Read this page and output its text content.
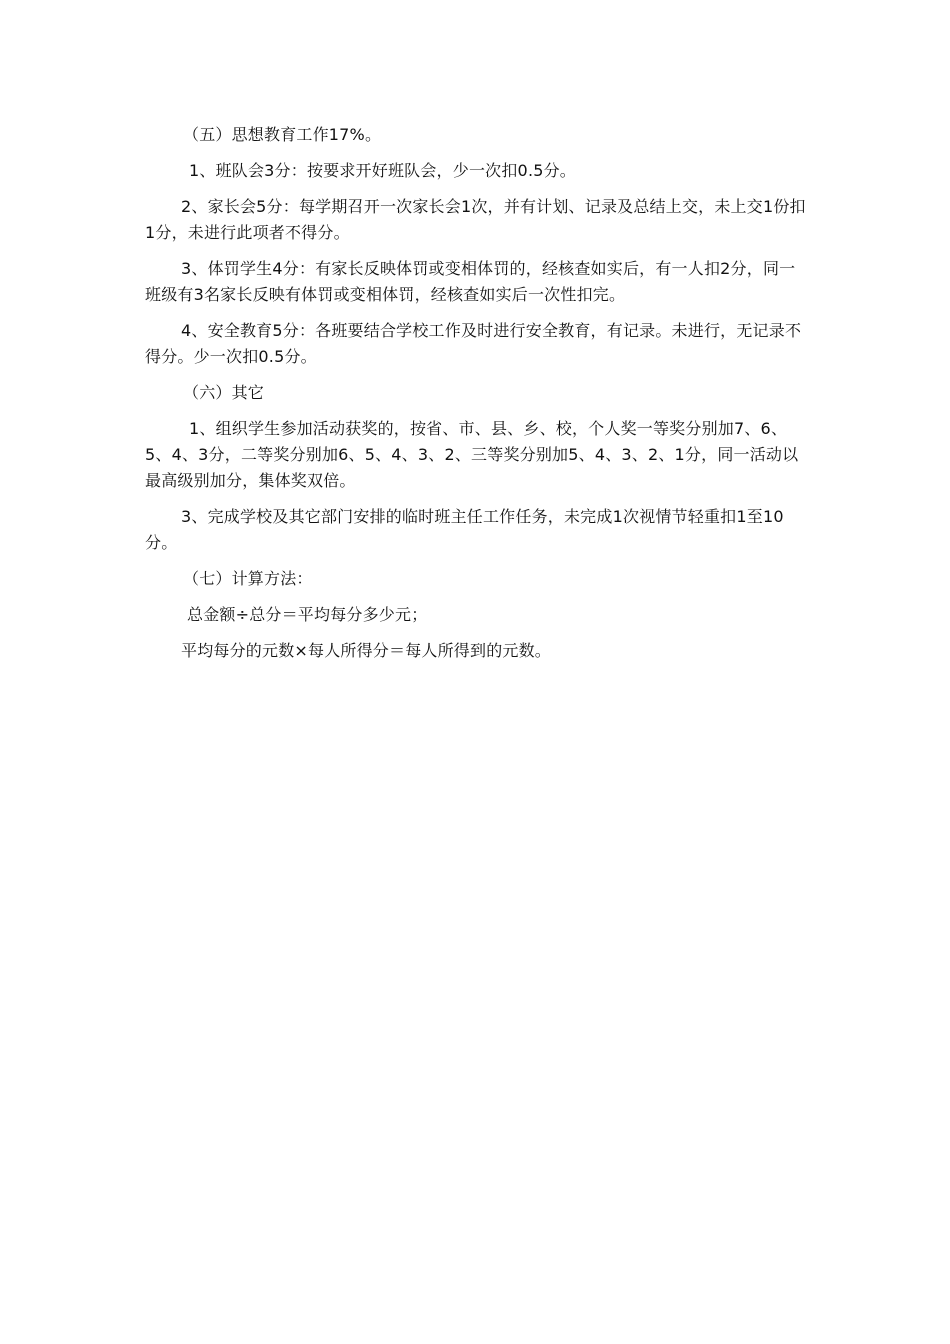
（五）思想教育工作17%。

1、班队会3分：按要求开好班队会，少一次扣0.5分。

2、家长会5分：每学期召开一次家长会1次，并有计划、记录及总结上交，未上交1份扣1分，未进行此项者不得分。

3、体罚学生4分：有家长反映体罚或变相体罚的，经核查如实后，有一人扣2分，同一班级有3名家长反映有体罚或变相体罚，经核查如实后一次性扣完。

4、安全教育5分：各班要结合学校工作及时进行安全教育，有记录。未进行，无记录不得分。少一次扣0.5分。

（六）其它

1、组织学生参加活动获奖的，按省、市、县、乡、校，个人奖一等奖分别加7、6、5、4、3分，二等奖分别加6、5、4、3、2、三等奖分别加5、4、3、2、1分，同一活动以最高级别加分，集体奖双倍。

3、完成学校及其它部门安排的临时班主任工作任务，未完成1次视情节轻重扣1至10分。

（七）计算方法：

总金额÷总分＝平均每分多少元；

平均每分的元数×每人所得分＝每人所得到的元数。
